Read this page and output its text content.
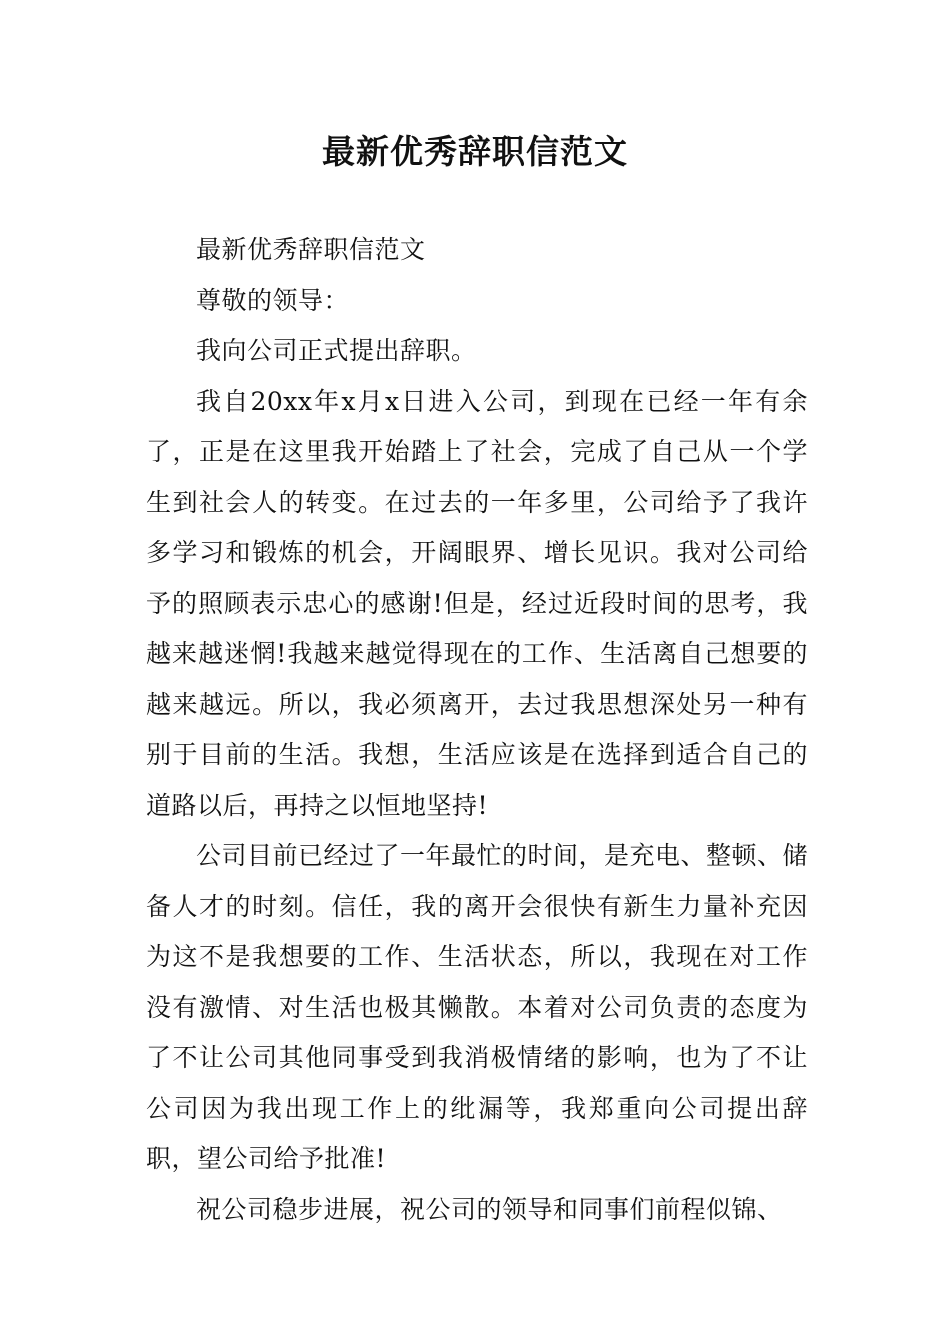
最新优秀辞职信范文

最新优秀辞职信范文

尊敬的领导：

我向公司正式提出辞职。

我自20xx年x月x日进入公司，到现在已经一年有余了，正是在这里我开始踏上了社会，完成了自己从一个学生到社会人的转变。在过去的一年多里，公司给予了我许多学习和锻炼的机会，开阔眼界、增长见识。我对公司给予的照顾表示忠心的感谢!但是，经过近段时间的思考，我越来越迷惘!我越来越觉得现在的工作、生活离自己想要的越来越远。所以，我必须离开，去过我思想深处另一种有别于目前的生活。我想，生活应该是在选择到适合自己的道路以后，再持之以恒地坚持!

公司目前已经过了一年最忙的时间，是充电、整顿、储备人才的时刻。信任，我的离开会很快有新生力量补充因为这不是我想要的工作、生活状态，所以，我现在对工作没有激情、对生活也极其懒散。本着对公司负责的态度为了不让公司其他同事受到我消极情绪的影响，也为了不让公司因为我出现工作上的纰漏等，我郑重向公司提出辞职，望公司给予批准!

祝公司稳步进展，祝公司的领导和同事们前程似锦、
